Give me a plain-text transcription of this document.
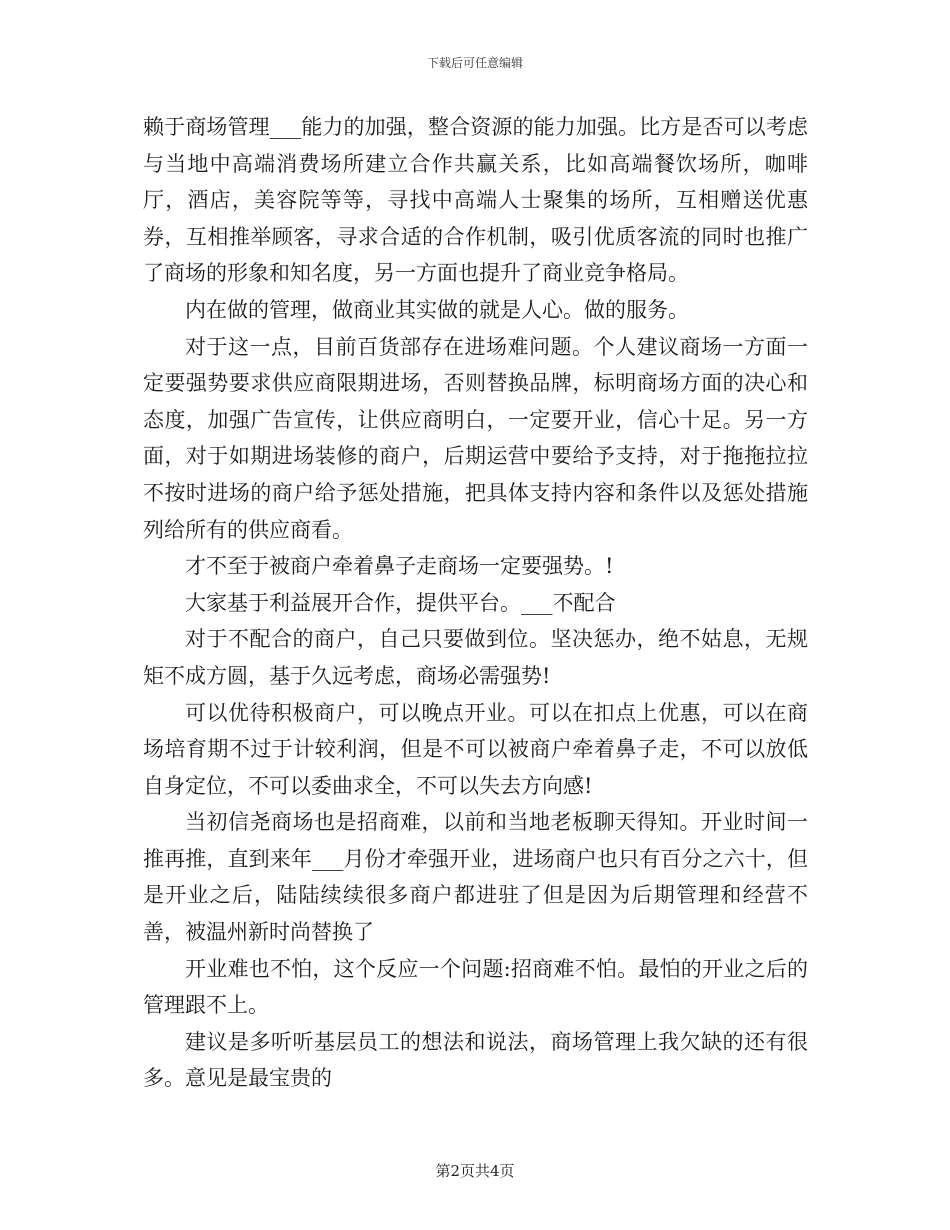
下载后可任意编辑

赖于商场管理___能力的加强，整合资源的能力加强。比方是否可以考虑与当地中高端消费场所建立合作共赢关系，比如高端餐饮场所，咖啡厅，酒店，美容院等等，寻找中高端人士聚集的场所，互相赠送优惠券，互相推举顾客，寻求合适的合作机制，吸引优质客流的同时也推广了商场的形象和知名度，另一方面也提升了商业竞争格局。

内在做的管理，做商业其实做的就是人心。做的服务。

对于这一点，目前百货部存在进场难问题。个人建议商场一方面一定要强势要求供应商限期进场，否则替换品牌，标明商场方面的决心和态度，加强广告宣传，让供应商明白，一定要开业，信心十足。另一方面，对于如期进场装修的商户，后期运营中要给予支持，对于拖拖拉拉不按时进场的商户给予惩处措施，把具体支持内容和条件以及惩处措施列给所有的供应商看。

才不至于被商户牵着鼻子走商场一定要强势。!

大家基于利益展开合作，提供平台。___不配合

对于不配合的商户，自己只要做到位。坚决惩办，绝不姑息，无规矩不成方圆，基于久远考虑，商场必需强势!

可以优待积极商户，可以晚点开业。可以在扣点上优惠，可以在商场培育期不过于计较利润，但是不可以被商户牵着鼻子走，不可以放低自身定位，不可以委曲求全，不可以失去方向感!

当初信尧商场也是招商难，以前和当地老板聊天得知。开业时间一推再推，直到来年___月份才牵强开业，进场商户也只有百分之六十，但是开业之后，陆陆续续很多商户都进驻了但是因为后期管理和经营不善，被温州新时尚替换了

开业难也不怕，这个反应一个问题:招商难不怕。最怕的开业之后的管理跟不上。

建议是多听听基层员工的想法和说法，商场管理上我欠缺的还有很多。意见是最宝贵的

第2页共4页
